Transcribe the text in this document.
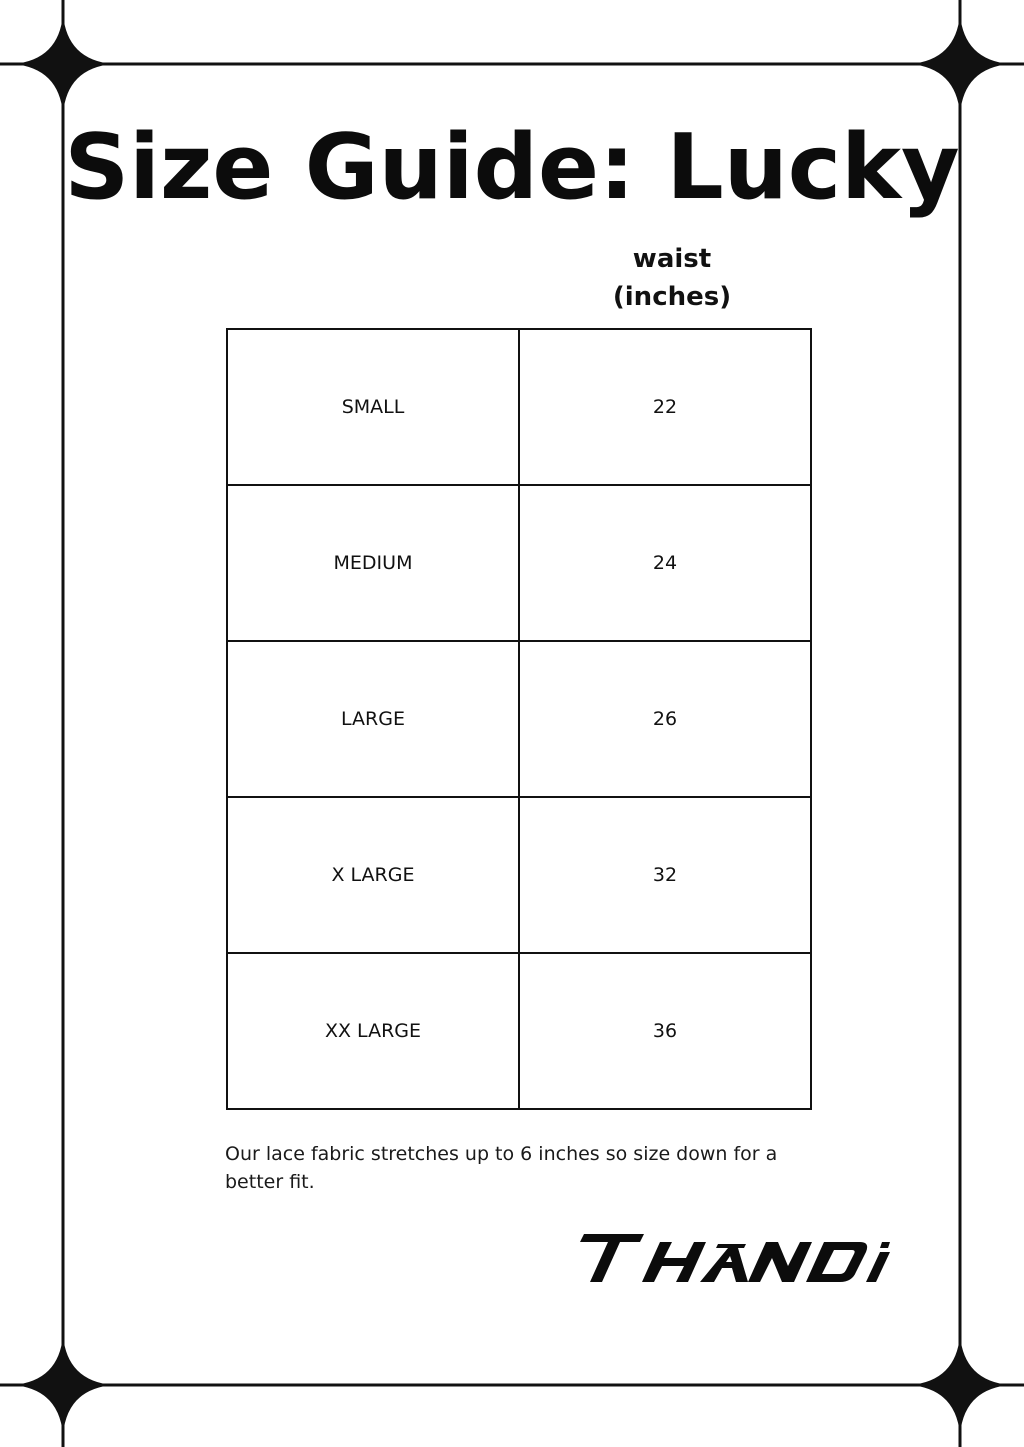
Size Guide: Lucky
waist
(inches)
SMALL	22
MEDIUM	24
LARGE	26
X LARGE	32
XX LARGE	36

Our lace fabric stretches up to 6 inches so size down for a better fit.
